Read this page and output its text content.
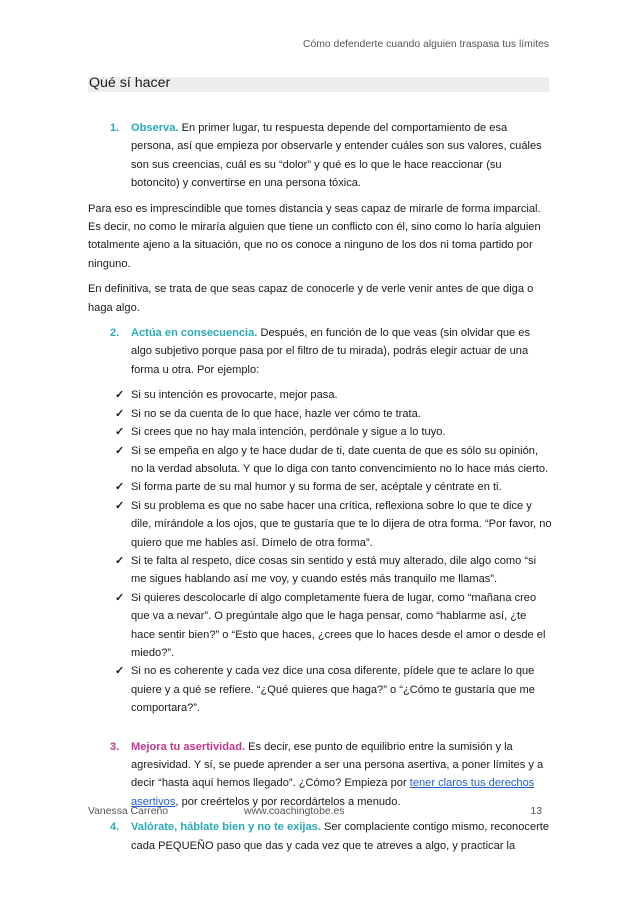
Cómo defenderte cuando alguien traspasa tus límites
Qué sí hacer
1. Observa. En primer lugar, tu respuesta depende del comportamiento de esa persona, así que empieza por observarle y entender cuáles son sus valores, cuáles son sus creencias, cuál es su “dolor” y qué es lo que le hace reaccionar (su botoncito) y convertirse en una persona tóxica.

Para eso es imprescindible que tomes distancia y seas capaz de mirarle de forma imparcial. Es decir, no como le miraría alguien que tiene un conflicto con él, sino como lo haría alguien totalmente ajeno a la situación, que no os conoce a ninguno de los dos ni toma partido por ninguno.

En definitiva, se trata de que seas capaz de conocerle y de verle venir antes de que diga o haga algo.

2. Actúa en consecuencia. Después, en función de lo que veas (sin olvidar que es algo subjetivo porque pasa por el filtro de tu mirada), podrás elegir actuar de una forma u otra. Por ejemplo:
✓ Si su intención es provocarte, mejor pasa.
✓ Si no se da cuenta de lo que hace, hazle ver cómo te trata.
✓ Si crees que no hay mala intención, perdónale y sigue a lo tuyo.
✓ Si se empeña en algo y te hace dudar de ti, date cuenta de que es sólo su opinión, no la verdad absoluta. Y que lo diga con tanto convencimiento no lo hace más cierto.
✓ Si forma parte de su mal humor y su forma de ser, acéptale y céntrate en ti.
✓ Si su problema es que no sabe hacer una crítica, reflexiona sobre lo que te dice y dile, mírándole a los ojos, que te gustaría que te lo dijera de otra forma. “Por favor, no quiero que me hables así. Dímelo de otra forma”.
✓ Si te falta al respeto, dice cosas sin sentido y está muy alterado, dile algo como “si me sigues hablando así me voy, y cuando estés más tranquilo me llamas”.
✓ Si quieres descolocarle di algo completamente fuera de lugar, como “mañana creo que va a nevar”. O pregúntale algo que le haga pensar, como “hablarme así, ¿te hace sentir bien?” o “Esto que haces, ¿crees que lo haces desde el amor o desde el miedo?”.
✓ Si no es coherente y cada vez dice una cosa diferente, pídele que te aclare lo que quiere y a qué se refiere. “¿Qué quieres que haga?” o “¿Cómo te gustaría que me comportara?”.
3. Mejora tu asertividad. Es decir, ese punto de equilibrio entre la sumisión y la agresividad. Y sí, se puede aprender a ser una persona asertiva, a poner límites y a decir “hasta aquí hemos llegado”. ¿Cómo? Empieza por tener claros tus derechos asertivos, por creértelos y por recordártelos a menudo.
4. Valórate, háblate bien y no te exijas. Ser complaciente contigo mismo, reconocerte cada PEQUEÑO paso que das y cada vez que te atreves a algo, y practicar la
Vanessa Carreño	www.coachingtobe.es	13
